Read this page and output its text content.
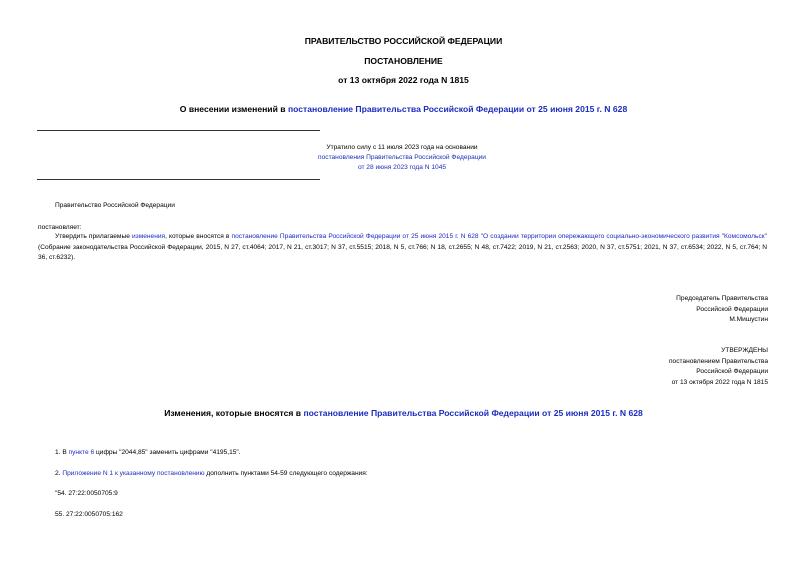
ПРАВИТЕЛЬСТВО РОССИЙСКОЙ ФЕДЕРАЦИИ
ПОСТАНОВЛЕНИЕ
от 13 октября 2022 года N 1815
О внесении изменений в постановление Правительства Российской Федерации от 25 июня 2015 г. N 628
Утратило силу с 11 июля 2023 года на основании
постановления Правительства Российской Федерации
от 28 июня 2023 года N 1045
Правительство Российской Федерации
постановляет:
Утвердить прилагаемые изменения, которые вносятся в постановление Правительства Российской Федерации от 25 июня 2015 г. N 628 "О создании территории опережающего социально-экономического развития "Комсомольск" (Собрание законодательства Российской Федерации, 2015, N 27, ст.4064; 2017, N 21, ст.3017; N 37, ст.5515; 2018, N 5, ст.766; N 18, ст.2655; N 48, ст.7422; 2019, N 21, ст.2563; 2020, N 37, ст.5751; 2021, N 37, ст.6534; 2022, N 5, ст.764; N 36, ст.6232).
Председатель Правительства
Российской Федерации
М.Мишустин
УТВЕРЖДЕНЫ
постановлением Правительства
Российской Федерации
от 13 октября 2022 года N 1815
Изменения, которые вносятся в постановление Правительства Российской Федерации от 25 июня 2015 г. N 628
1. В пункте 6 цифры "2044,85" заменить цифрами "4195,15".
2. Приложение N 1 к указанному постановлению дополнить пунктами 54-59 следующего содержания:
"54. 27:22:0050705:9
55. 27:22:0050705:162
